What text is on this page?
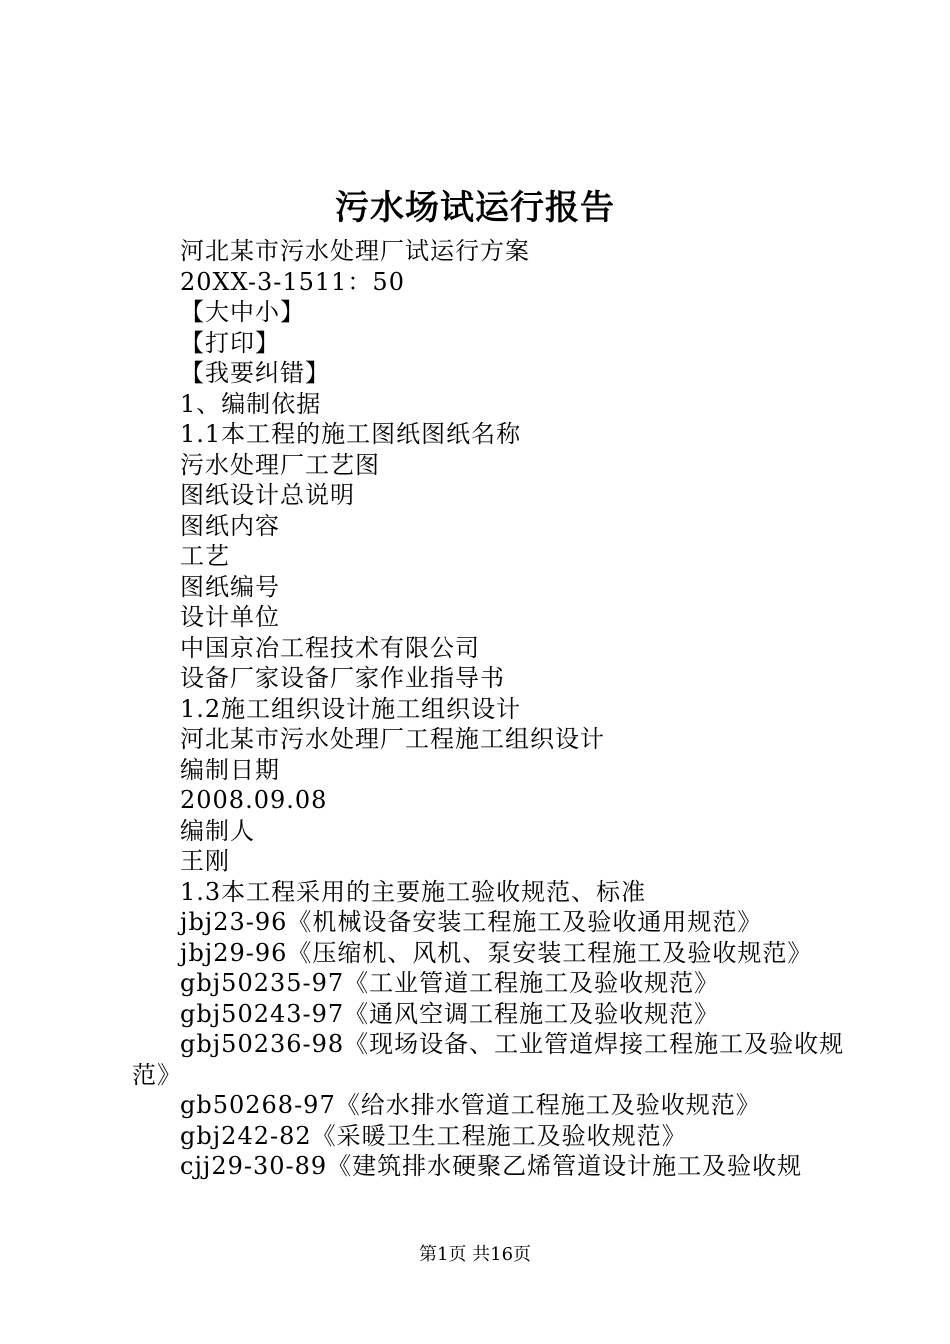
污水场试运行报告
河北某市污水处理厂试运行方案
20XX-3-1511：50
【大中小】
【打印】
【我要纠错】
1、编制依据
1.1本工程的施工图纸图纸名称
污水处理厂工艺图
图纸设计总说明
图纸内容
工艺
图纸编号
设计单位
中国京冶工程技术有限公司
设备厂家设备厂家作业指导书
1.2施工组织设计施工组织设计
河北某市污水处理厂工程施工组织设计
编制日期
2008.09.08
编制人
王刚
1.3本工程采用的主要施工验收规范、标准
jbj23-96《机械设备安装工程施工及验收通用规范》
jbj29-96《压缩机、风机、泵安装工程施工及验收规范》
gbj50235-97《工业管道工程施工及验收规范》
gbj50243-97《通风空调工程施工及验收规范》
gbj50236-98《现场设备、工业管道焊接工程施工及验收规
范》
gb50268-97《给水排水管道工程施工及验收规范》
gbj242-82《采暖卫生工程施工及验收规范》
cjj29-30-89《建筑排水硬聚乙烯管道设计施工及验收规
第1页 共16页
